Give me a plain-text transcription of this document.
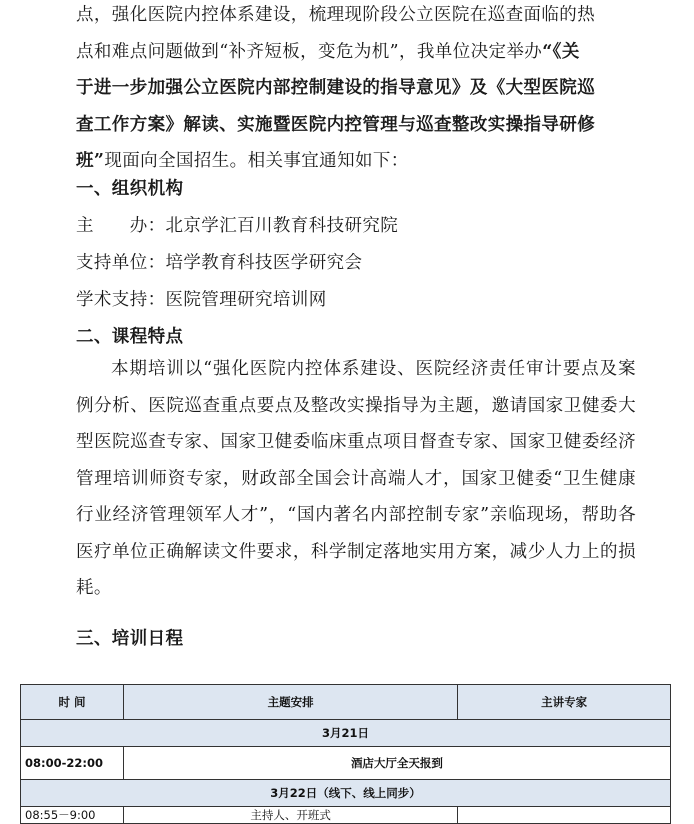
点，强化医院内控体系建设，梳理现阶段公立医院在巡查面临的热
点和难点问题做到“补齐短板，变危为机”，我单位决定举办“《关
于进一步加强公立医院内部控制建设的指导意见》及《大型医院巡
查工作方案》解读、实施暨医院内控管理与巡查整改实操指导研修
班”现面向全国招生。相关事宜通知如下：
一、组织机构
主　　办：北京学汇百川教育科技研究院
支持单位：培学教育科技医学研究会
学术支持：医院管理研究培训网
二、课程特点
本期培训以“强化医院内控体系建设、医院经济责任审计要点及案例分析、医院巡查重点要点及整改实操指导为主题，邀请国家卫健委大型医院巡查专家、国家卫健委临床重点项目督查专家、国家卫健委经济管理培训师资专家，财政部全国会计高端人才，国家卫健委“卫生健康行业经济管理领军人才”，“国内著名内部控制专家”亲临现场，帮助各医疗单位正确解读文件要求，科学制定落地实用方案，减少人力上的损耗。
三、培训日程
时 间	主题安排	主讲专家
3月21日		
08:00-22:00	酒店大厅全天报到	
3月22日（线下、线上同步）		
08:55－9:00	主持人、开班式	
